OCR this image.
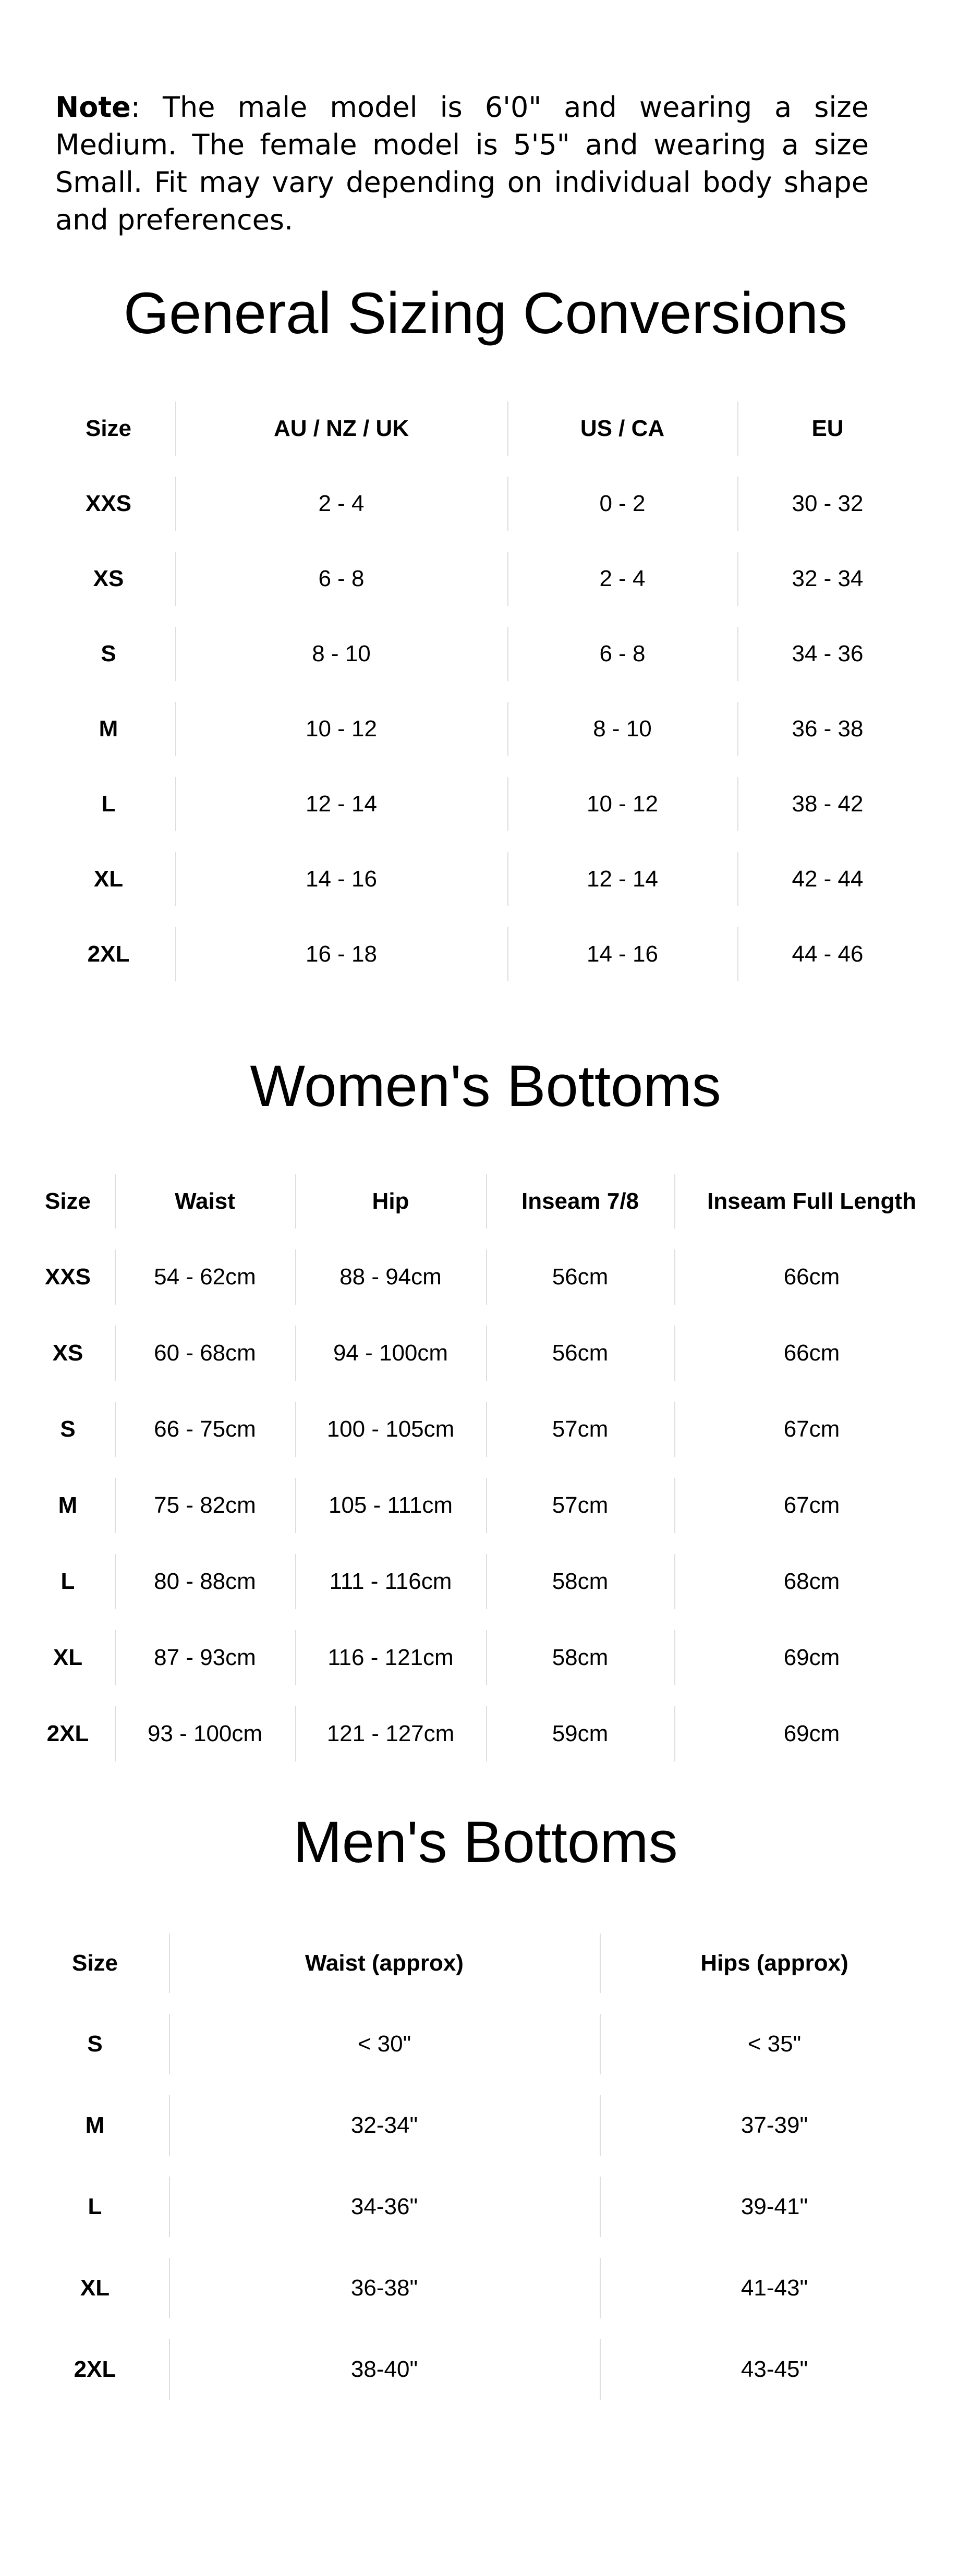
Note: The male model is 6'0" and wearing a size Medium. The female model is 5'5" and wearing a size Small. Fit may vary depending on individual body shape and preferences.

General Sizing Conversions
Size	AU / NZ / UK	US / CA	EU
XXS	2 - 4	0 - 2	30 - 32
XS	6 - 8	2 - 4	32 - 34
S	8 - 10	6 - 8	34 - 36
M	10 - 12	8 - 10	36 - 38
L	12 - 14	10 - 12	38 - 42
XL	14 - 16	12 - 14	42 - 44
2XL	16 - 18	14 - 16	44 - 46
Women's Bottoms
Size	Waist	Hip	Inseam 7/8	Inseam Full Length
XXS	54 - 62cm	88 - 94cm	56cm	66cm
XS	60 - 68cm	94 - 100cm	56cm	66cm
S	66 - 75cm	100 - 105cm	57cm	67cm
M	75 - 82cm	105 - 111cm	57cm	67cm
L	80 - 88cm	111 - 116cm	58cm	68cm
XL	87 - 93cm	116 - 121cm	58cm	69cm
2XL	93 - 100cm	121 - 127cm	59cm	69cm
Men's Bottoms
Size	Waist (approx)	Hips (approx)
S	< 30"	< 35"
M	32-34"	37-39"
L	34-36"	39-41"
XL	36-38"	41-43"
2XL	38-40"	43-45"
